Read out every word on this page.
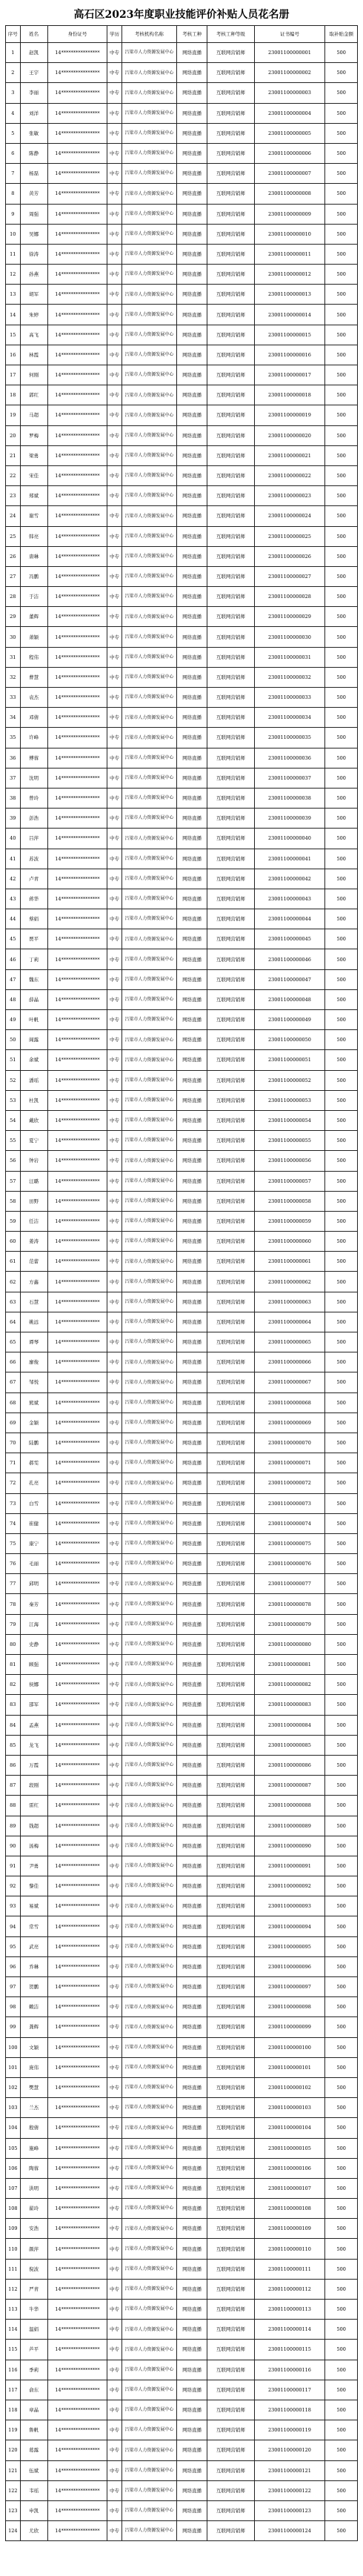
高石区2023年度职业技能评价补贴人员花名册
序号	姓名	身份证号	学历	考核机构名称	考核工种	考核工种等级	证书编号	取补贴金额
1	赵凯	14****************	中专	吕梁市人力资源发展中心	网络直播	互联网营销师	23001100000001	500
2	王宇	14****************	中专	吕梁市人力资源发展中心	网络直播	互联网营销师	23001100000002	500
3	李丽	14****************	中专	吕梁市人力资源发展中心	网络直播	互联网营销师	23001100000003	500
4	刘洋	14****************	中专	吕梁市人力资源发展中心	网络直播	互联网营销师	23001100000004	500
5	张敏	14****************	中专	吕梁市人力资源发展中心	网络直播	互联网营销师	23001100000005	500
6	陈静	14****************	中专	吕梁市人力资源发展中心	网络直播	互联网营销师	23001100000006	500
7	杨磊	14****************	中专	吕梁市人力资源发展中心	网络直播	互联网营销师	23001100000007	500
8	黄芳	14****************	中专	吕梁市人力资源发展中心	网络直播	互联网营销师	23001100000008	500
9	周强	14****************	中专	吕梁市人力资源发展中心	网络直播	互联网营销师	23001100000009	500
10	吴娜	14****************	中专	吕梁市人力资源发展中心	网络直播	互联网营销师	23001100000010	500
11	徐涛	14****************	中专	吕梁市人力资源发展中心	网络直播	互联网营销师	23001100000011	500
12	孙燕	14****************	中专	吕梁市人力资源发展中心	网络直播	互联网营销师	23001100000012	500
13	胡军	14****************	中专	吕梁市人力资源发展中心	网络直播	互联网营销师	23001100000013	500
14	朱婷	14****************	中专	吕梁市人力资源发展中心	网络直播	互联网营销师	23001100000014	500
15	高飞	14****************	中专	吕梁市人力资源发展中心	网络直播	互联网营销师	23001100000015	500
16	林霞	14****************	中专	吕梁市人力资源发展中心	网络直播	互联网营销师	23001100000016	500
17	何刚	14****************	中专	吕梁市人力资源发展中心	网络直播	互联网营销师	23001100000017	500
18	郭红	14****************	中专	吕梁市人力资源发展中心	网络直播	互联网营销师	23001100000018	500
19	马超	14****************	中专	吕梁市人力资源发展中心	网络直播	互联网营销师	23001100000019	500
20	罗梅	14****************	中专	吕梁市人力资源发展中心	网络直播	互联网营销师	23001100000020	500
21	梁勇	14****************	中专	吕梁市人力资源发展中心	网络直播	互联网营销师	23001100000021	500
22	宋佳	14****************	中专	吕梁市人力资源发展中心	网络直播	互联网营销师	23001100000022	500
23	郑斌	14****************	中专	吕梁市人力资源发展中心	网络直播	互联网营销师	23001100000023	500
24	谢雪	14****************	中专	吕梁市人力资源发展中心	网络直播	互联网营销师	23001100000024	500
25	韩亮	14****************	中专	吕梁市人力资源发展中心	网络直播	互联网营销师	23001100000025	500
26	唐琳	14****************	中专	吕梁市人力资源发展中心	网络直播	互联网营销师	23001100000026	500
27	冯鹏	14****************	中专	吕梁市人力资源发展中心	网络直播	互联网营销师	23001100000027	500
28	于洁	14****************	中专	吕梁市人力资源发展中心	网络直播	互联网营销师	23001100000028	500
29	董辉	14****************	中专	吕梁市人力资源发展中心	网络直播	互联网营销师	23001100000029	500
30	萧颖	14****************	中专	吕梁市人力资源发展中心	网络直播	互联网营销师	23001100000030	500
31	程伟	14****************	中专	吕梁市人力资源发展中心	网络直播	互联网营销师	23001100000031	500
32	曹慧	14****************	中专	吕梁市人力资源发展中心	网络直播	互联网营销师	23001100000032	500
33	袁杰	14****************	中专	吕梁市人力资源发展中心	网络直播	互联网营销师	23001100000033	500
34	邓倩	14****************	中专	吕梁市人力资源发展中心	网络直播	互联网营销师	23001100000034	500
35	许峰	14****************	中专	吕梁市人力资源发展中心	网络直播	互联网营销师	23001100000035	500
36	傅蓉	14****************	中专	吕梁市人力资源发展中心	网络直播	互联网营销师	23001100000036	500
37	沈明	14****************	中专	吕梁市人力资源发展中心	网络直播	互联网营销师	23001100000037	500
38	曾玲	14****************	中专	吕梁市人力资源发展中心	网络直播	互联网营销师	23001100000038	500
39	彭浩	14****************	中专	吕梁市人力资源发展中心	网络直播	互联网营销师	23001100000039	500
40	吕萍	14****************	中专	吕梁市人力资源发展中心	网络直播	互联网营销师	23001100000040	500
41	苏波	14****************	中专	吕梁市人力资源发展中心	网络直播	互联网营销师	23001100000041	500
42	卢青	14****************	中专	吕梁市人力资源发展中心	网络直播	互联网营销师	23001100000042	500
43	蒋华	14****************	中专	吕梁市人力资源发展中心	网络直播	互联网营销师	23001100000043	500
44	蔡娟	14****************	中专	吕梁市人力资源发展中心	网络直播	互联网营销师	23001100000044	500
45	贾平	14****************	中专	吕梁市人力资源发展中心	网络直播	互联网营销师	23001100000045	500
46	丁莉	14****************	中专	吕梁市人力资源发展中心	网络直播	互联网营销师	23001100000046	500
47	魏东	14****************	中专	吕梁市人力资源发展中心	网络直播	互联网营销师	23001100000047	500
48	薛晶	14****************	中专	吕梁市人力资源发展中心	网络直播	互联网营销师	23001100000048	500
49	叶帆	14****************	中专	吕梁市人力资源发展中心	网络直播	互联网营销师	23001100000049	500
50	阎露	14****************	中专	吕梁市人力资源发展中心	网络直播	互联网营销师	23001100000050	500
51	余斌	14****************	中专	吕梁市人力资源发展中心	网络直播	互联网营销师	23001100000051	500
52	潘瑶	14****************	中专	吕梁市人力资源发展中心	网络直播	互联网营销师	23001100000052	500
53	杜凯	14****************	中专	吕梁市人力资源发展中心	网络直播	互联网营销师	23001100000053	500
54	戴欣	14****************	中专	吕梁市人力资源发展中心	网络直播	互联网营销师	23001100000054	500
55	夏宁	14****************	中专	吕梁市人力资源发展中心	网络直播	互联网营销师	23001100000055	500
56	钟岩	14****************	中专	吕梁市人力资源发展中心	网络直播	互联网营销师	23001100000056	500
57	汪璐	14****************	中专	吕梁市人力资源发展中心	网络直播	互联网营销师	23001100000057	500
58	田野	14****************	中专	吕梁市人力资源发展中心	网络直播	互联网营销师	23001100000058	500
59	任洁	14****************	中专	吕梁市人力资源发展中心	网络直播	互联网营销师	23001100000059	500
60	姜涛	14****************	中专	吕梁市人力资源发展中心	网络直播	互联网营销师	23001100000060	500
61	范蕾	14****************	中专	吕梁市人力资源发展中心	网络直播	互联网营销师	23001100000061	500
62	方鑫	14****************	中专	吕梁市人力资源发展中心	网络直播	互联网营销师	23001100000062	500
63	石慧	14****************	中专	吕梁市人力资源发展中心	网络直播	互联网营销师	23001100000063	500
64	姚远	14****************	中专	吕梁市人力资源发展中心	网络直播	互联网营销师	23001100000064	500
65	谭琴	14****************	中专	吕梁市人力资源发展中心	网络直播	互联网营销师	23001100000065	500
66	廖俊	14****************	中专	吕梁市人力资源发展中心	网络直播	互联网营销师	23001100000066	500
67	邹悦	14****************	中专	吕梁市人力资源发展中心	网络直播	互联网营销师	23001100000067	500
68	熊斌	14****************	中专	吕梁市人力资源发展中心	网络直播	互联网营销师	23001100000068	500
69	金颖	14****************	中专	吕梁市人力资源发展中心	网络直播	互联网营销师	23001100000069	500
70	陆鹏	14****************	中专	吕梁市人力资源发展中心	网络直播	互联网营销师	23001100000070	500
71	郝雯	14****************	中专	吕梁市人力资源发展中心	网络直播	互联网营销师	23001100000071	500
72	孔亮	14****************	中专	吕梁市人力资源发展中心	网络直播	互联网营销师	23001100000072	500
73	白雪	14****************	中专	吕梁市人力资源发展中心	网络直播	互联网营销师	23001100000073	500
74	崔健	14****************	中专	吕梁市人力资源发展中心	网络直播	互联网营销师	23001100000074	500
75	康宁	14****************	中专	吕梁市人力资源发展中心	网络直播	互联网营销师	23001100000075	500
76	毛丽	14****************	中专	吕梁市人力资源发展中心	网络直播	互联网营销师	23001100000076	500
77	邱明	14****************	中专	吕梁市人力资源发展中心	网络直播	互联网营销师	23001100000077	500
78	秦芳	14****************	中专	吕梁市人力资源发展中心	网络直播	互联网营销师	23001100000078	500
79	江海	14****************	中专	吕梁市人力资源发展中心	网络直播	互联网营销师	23001100000079	500
80	史静	14****************	中专	吕梁市人力资源发展中心	网络直播	互联网营销师	23001100000080	500
81	顾强	14****************	中专	吕梁市人力资源发展中心	网络直播	互联网营销师	23001100000081	500
82	侯娜	14****************	中专	吕梁市人力资源发展中心	网络直播	互联网营销师	23001100000082	500
83	邵军	14****************	中专	吕梁市人力资源发展中心	网络直播	互联网营销师	23001100000083	500
84	孟燕	14****************	中专	吕梁市人力资源发展中心	网络直播	互联网营销师	23001100000084	500
85	龙飞	14****************	中专	吕梁市人力资源发展中心	网络直播	互联网营销师	23001100000085	500
86	万霞	14****************	中专	吕梁市人力资源发展中心	网络直播	互联网营销师	23001100000086	500
87	段刚	14****************	中专	吕梁市人力资源发展中心	网络直播	互联网营销师	23001100000087	500
88	雷红	14****************	中专	吕梁市人力资源发展中心	网络直播	互联网营销师	23001100000088	500
89	钱超	14****************	中专	吕梁市人力资源发展中心	网络直播	互联网营销师	23001100000089	500
90	汤梅	14****************	中专	吕梁市人力资源发展中心	网络直播	互联网营销师	23001100000090	500
91	尹勇	14****************	中专	吕梁市人力资源发展中心	网络直播	互联网营销师	23001100000091	500
92	黎佳	14****************	中专	吕梁市人力资源发展中心	网络直播	互联网营销师	23001100000092	500
93	易斌	14****************	中专	吕梁市人力资源发展中心	网络直播	互联网营销师	23001100000093	500
94	常雪	14****************	中专	吕梁市人力资源发展中心	网络直播	互联网营销师	23001100000094	500
95	武亮	14****************	中专	吕梁市人力资源发展中心	网络直播	互联网营销师	23001100000095	500
96	乔琳	14****************	中专	吕梁市人力资源发展中心	网络直播	互联网营销师	23001100000096	500
97	贺鹏	14****************	中专	吕梁市人力资源发展中心	网络直播	互联网营销师	23001100000097	500
98	赖洁	14****************	中专	吕梁市人力资源发展中心	网络直播	互联网营销师	23001100000098	500
99	龚辉	14****************	中专	吕梁市人力资源发展中心	网络直播	互联网营销师	23001100000099	500
100	文颖	14****************	中专	吕梁市人力资源发展中心	网络直播	互联网营销师	23001100000100	500
101	庞伟	14****************	中专	吕梁市人力资源发展中心	网络直播	互联网营销师	23001100000101	500
102	樊慧	14****************	中专	吕梁市人力资源发展中心	网络直播	互联网营销师	23001100000102	500
103	兰杰	14****************	中专	吕梁市人力资源发展中心	网络直播	互联网营销师	23001100000103	500
104	殷倩	14****************	中专	吕梁市人力资源发展中心	网络直播	互联网营销师	23001100000104	500
105	施峰	14****************	中专	吕梁市人力资源发展中心	网络直播	互联网营销师	23001100000105	500
106	陶蓉	14****************	中专	吕梁市人力资源发展中心	网络直播	互联网营销师	23001100000106	500
107	洪明	14****************	中专	吕梁市人力资源发展中心	网络直播	互联网营销师	23001100000107	500
108	翟玲	14****************	中专	吕梁市人力资源发展中心	网络直播	互联网营销师	23001100000108	500
109	安浩	14****************	中专	吕梁市人力资源发展中心	网络直播	互联网营销师	23001100000109	500
110	颜萍	14****************	中专	吕梁市人力资源发展中心	网络直播	互联网营销师	23001100000110	500
111	倪波	14****************	中专	吕梁市人力资源发展中心	网络直播	互联网营销师	23001100000111	500
112	严青	14****************	中专	吕梁市人力资源发展中心	网络直播	互联网营销师	23001100000112	500
113	牛华	14****************	中专	吕梁市人力资源发展中心	网络直播	互联网营销师	23001100000113	500
114	温娟	14****************	中专	吕梁市人力资源发展中心	网络直播	互联网营销师	23001100000114	500
115	芦平	14****************	中专	吕梁市人力资源发展中心	网络直播	互联网营销师	23001100000115	500
116	季莉	14****************	中专	吕梁市人力资源发展中心	网络直播	互联网营销师	23001100000116	500
117	俞东	14****************	中专	吕梁市人力资源发展中心	网络直播	互联网营销师	23001100000117	500
118	章晶	14****************	中专	吕梁市人力资源发展中心	网络直播	互联网营销师	23001100000118	500
119	鲁帆	14****************	中专	吕梁市人力资源发展中心	网络直播	互联网营销师	23001100000119	500
120	葛露	14****************	中专	吕梁市人力资源发展中心	网络直播	互联网营销师	23001100000120	500
121	伍斌	14****************	中专	吕梁市人力资源发展中心	网络直播	互联网营销师	23001100000121	500
122	韦瑶	14****************	中专	吕梁市人力资源发展中心	网络直播	互联网营销师	23001100000122	500
123	申凯	14****************	中专	吕梁市人力资源发展中心	网络直播	互联网营销师	23001100000123	500
124	尤欣	14****************	中专	吕梁市人力资源发展中心	网络直播	互联网营销师	23001100000124	500
